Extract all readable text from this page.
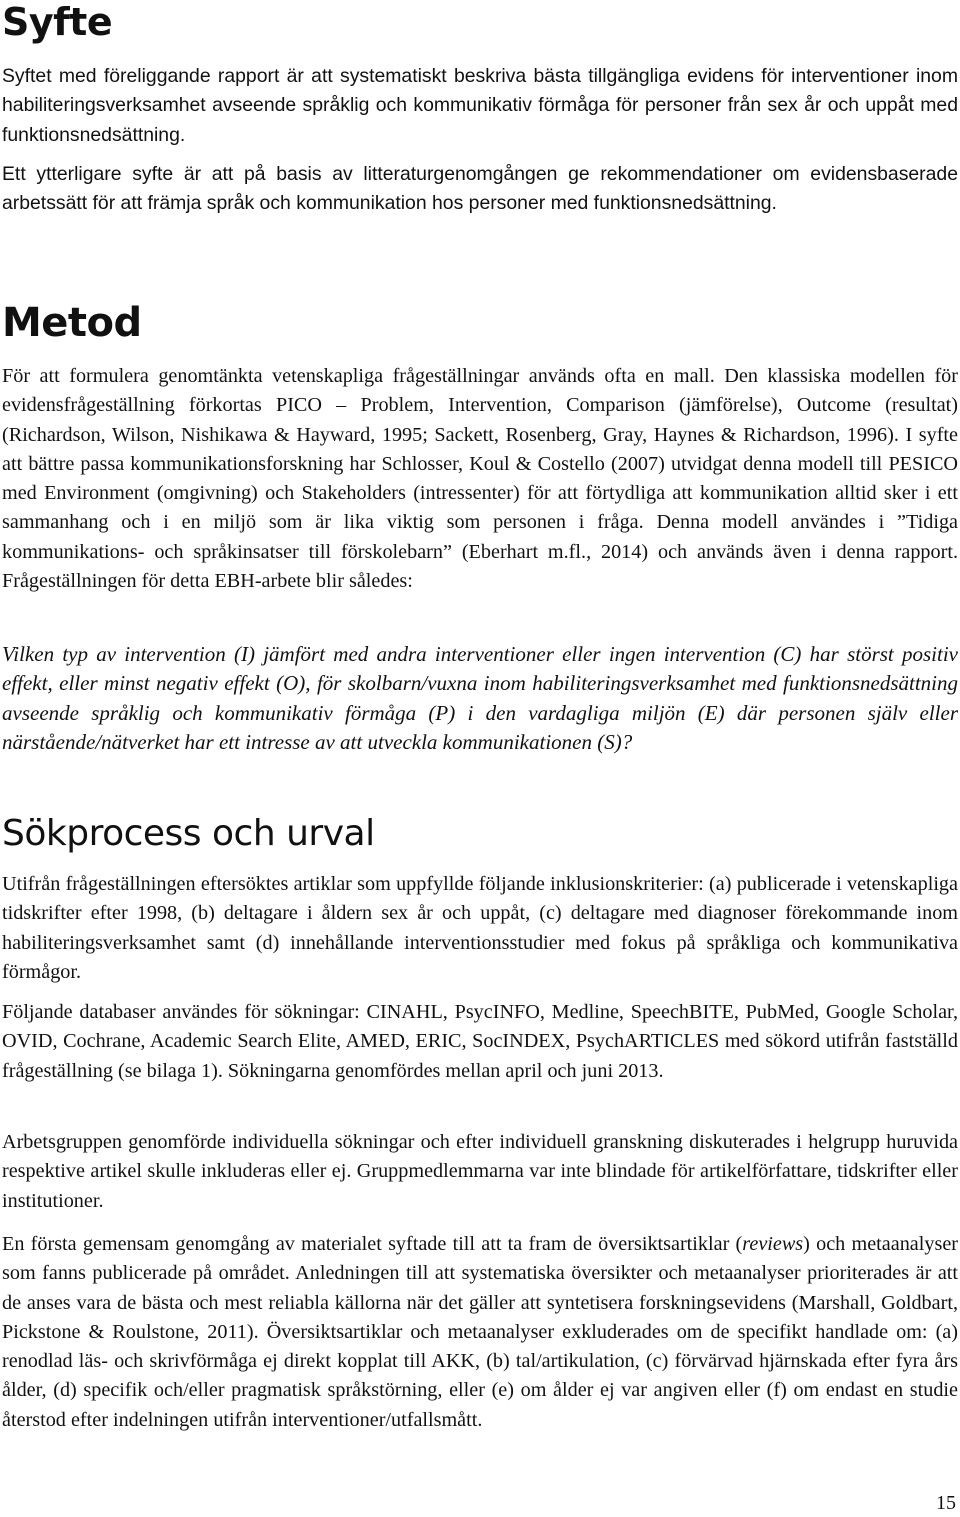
Syfte

Syftet med föreliggande rapport är att systematiskt beskriva bästa tillgängliga evidens för interventioner inom habiliteringsverksamhet avseende språklig och kommunikativ förmåga för personer från sex år och uppåt med funktionsnedsättning.

Ett ytterligare syfte är att på basis av litteraturgenomgången ge rekommendationer om evidensbaserade arbetssätt för att främja språk och kommunikation hos personer med funktionsnedsättning.

Metod

För att formulera genomtänkta vetenskapliga frågeställningar används ofta en mall. Den klassiska modellen för evidensfrågeställning förkortas PICO – Problem, Intervention, Comparison (jämförelse), Outcome (resultat) (Richardson, Wilson, Nishikawa & Hayward, 1995; Sackett, Rosenberg, Gray, Haynes & Richardson, 1996). I syfte att bättre passa kommunikationsforskning har Schlosser, Koul & Costello (2007) utvidgat denna modell till PESICO med Environment (omgivning) och Stakeholders (intressenter) för att förtydliga att kommunikation alltid sker i ett sammanhang och i en miljö som är lika viktig som personen i fråga. Denna modell användes i ”Tidiga kommunikations- och språkinsatser till förskolebarn” (Eberhart m.fl., 2014) och används även i denna rapport. Frågeställningen för detta EBH-arbete blir således:

Vilken typ av intervention (I) jämfört med andra interventioner eller ingen intervention (C) har störst positiv effekt, eller minst negativ effekt (O), för skolbarn/vuxna inom habiliteringsverksamhet med funktionsnedsättning avseende språklig och kommunikativ förmåga (P) i den vardagliga miljön (E) där personen själv eller närstående/nätverket har ett intresse av att utveckla kommunikationen (S)?

Sökprocess och urval

Utifrån frågeställningen eftersöktes artiklar som uppfyllde följande inklusionskriterier: (a) publicerade i vetenskapliga tidskrifter efter 1998, (b) deltagare i åldern sex år och uppåt, (c) deltagare med diagnoser förekommande inom habiliteringsverksamhet samt (d) innehållande interventionsstudier med fokus på språkliga och kommunikativa förmågor.

Följande databaser användes för sökningar: CINAHL, PsycINFO, Medline, SpeechBITE, PubMed, Google Scholar, OVID, Cochrane, Academic Search Elite, AMED, ERIC, SocINDEX, PsychARTICLES med sökord utifrån fastställd frågeställning (se bilaga 1). Sökningarna genomfördes mellan april och juni 2013.

Arbetsgruppen genomförde individuella sökningar och efter individuell granskning diskuterades i helgrupp huruvida respektive artikel skulle inkluderas eller ej. Gruppmedlemmarna var inte blindade för artikelförfattare, tidskrifter eller institutioner.

En första gemensam genomgång av materialet syftade till att ta fram de översiktsartiklar (reviews) och metaanalyser som fanns publicerade på området. Anledningen till att systematiska översikter och metaanalyser prioriterades är att de anses vara de bästa och mest reliabla källorna när det gäller att syntetisera forskningsevidens (Marshall, Goldbart, Pickstone & Roulstone, 2011). Översiktsartiklar och metaanalyser exkluderades om de specifikt handlade om: (a) renodlad läs- och skrivförmåga ej direkt kopplat till AKK, (b) tal/artikulation, (c) förvärvad hjärnskada efter fyra års ålder, (d) specifik och/eller pragmatisk språkstörning, eller (e) om ålder ej var angiven eller (f) om endast en studie återstod efter indelningen utifrån interventioner/utfallsmått.

15
